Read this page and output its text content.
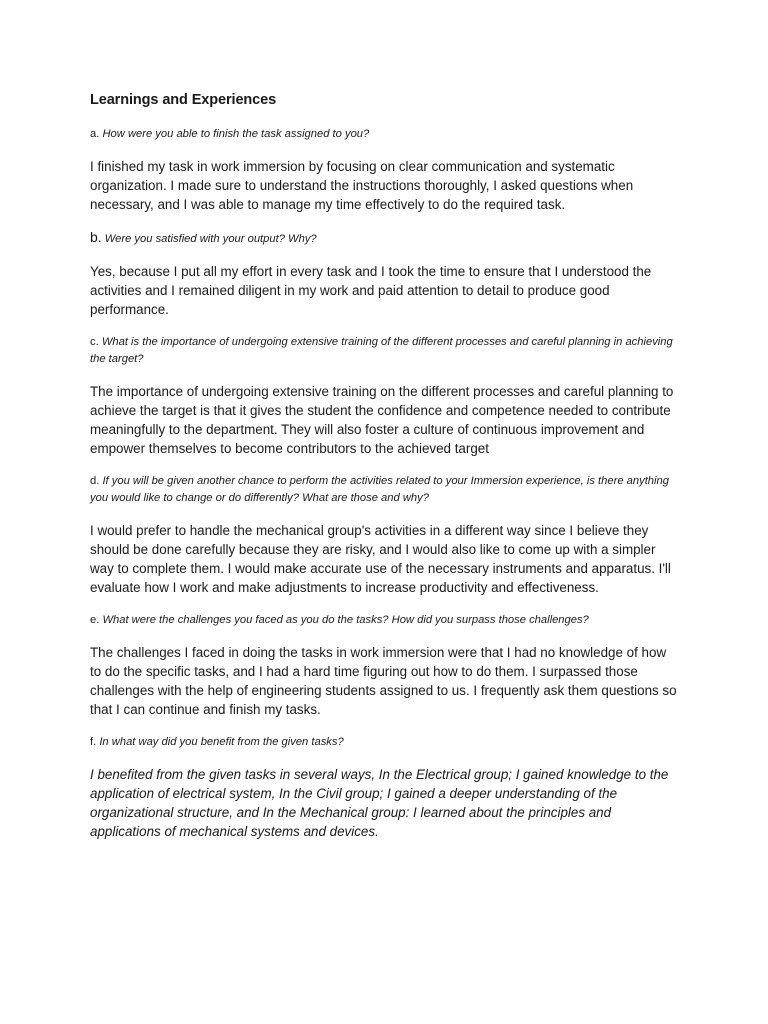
Learnings and Experiences
a. How were you able to finish the task assigned to you?
I finished my task in work immersion by focusing on clear communication and systematic organization. I made sure to understand the instructions thoroughly, I asked questions when necessary, and I was able to manage my time effectively to do the required task.
b. Were you satisfied with your output? Why?
Yes, because I put all my effort in every task and I took the time to ensure that I understood the activities and I remained diligent in my work and paid attention to detail to produce good performance.
c. What is the importance of undergoing extensive training of the different processes and careful planning in achieving the target?
The importance of undergoing extensive training on the different processes and careful planning to achieve the target is that it gives the student the confidence and competence needed to contribute meaningfully to the department. They will also foster a culture of continuous improvement and empower themselves to become contributors to the achieved target
d. If you will be given another chance to perform the activities related to your Immersion experience, is there anything you would like to change or do differently? What are those and why?
I would prefer to handle the mechanical group's activities in a different way since I believe they should be done carefully because they are risky, and I would also like to come up with a simpler way to complete them. I would make accurate use of the necessary instruments and apparatus. I'll evaluate how I work and make adjustments to increase productivity and effectiveness.
e. What were the challenges you faced as you do the tasks? How did you surpass those challenges?
The challenges I faced in doing the tasks in work immersion were that I had no knowledge of how to do the specific tasks, and I had a hard time figuring out how to do them. I surpassed those challenges with the help of engineering students assigned to us. I frequently ask them questions so that I can continue and finish my tasks.
f. In what way did you benefit from the given tasks?
I benefited from the given tasks in several ways, In the Electrical group; I gained knowledge to the application of electrical system, In the Civil group; I gained a deeper understanding of the organizational structure, and In the Mechanical group: I learned about the principles and applications of mechanical systems and devices.
